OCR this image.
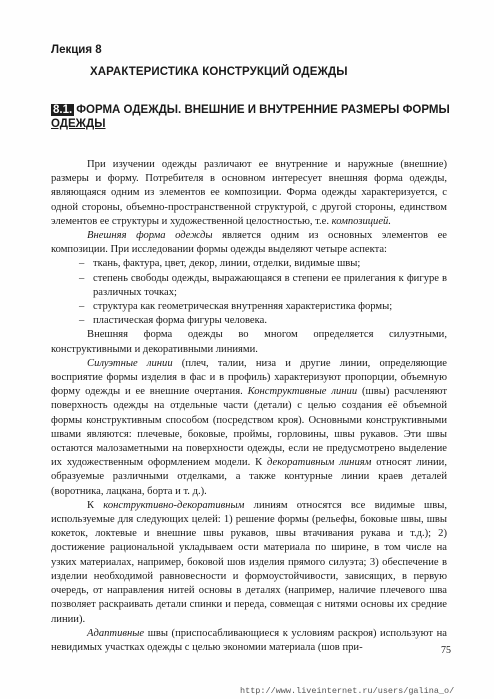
Лекция 8
ХАРАКТЕРИСТИКА КОНСТРУКЦИЙ ОДЕЖДЫ
8.1. ФОРМА ОДЕЖДЫ. ВНЕШНИЕ И ВНУТРЕННИЕ РАЗМЕРЫ ФОРМЫ ОДЕЖДЫ

При изучении одежды различают ее внутренние и наружные (внешние) размеры и форму. Потребителя в основном интересует внешняя форма одежды, являющаяся одним из элементов ее композиции. Форма одежды характеризуется, с одной стороны, объемно-пространственной структурой, с другой стороны, единством элементов ее структуры и художественной целостностью, т.е. композицией.

Внешняя форма одежды является одним из основных элементов ее композиции. При исследовании формы одежды выделяют четыре аспекта:

– ткань, фактура, цвет, декор, линии, отделки, видимые швы;
– степень свободы одежды, выражающаяся в степени ее прилегания к фигуре в различных точках;
– структура как геометрическая внутренняя характеристика формы;
– пластическая форма фигуры человека.

Внешняя форма одежды во многом определяется силуэтными, конструктивными и декоративными линиями.

Силуэтные линии (плеч, талии, низа и другие линии, определяющие восприятие формы изделия в фас и в профиль) характеризуют пропорции, объемную форму одежды и ее внешние очертания. Конструктивные линии (швы) расчленяют поверхность одежды на отдельные части (детали) с целью создания её объемной формы конструктивным способом (посредством кроя). Основными конструктивными швами являются: плечевые, боковые, проймы, горловины, швы рукавов. Эти швы остаются малозаметными на поверхности одежды, если не предусмотрено выделение их художественным оформлением модели. К декоративным линиям относят линии, образуемые различными отделками, а также контурные линии краев деталей (воротника, лацкана, борта и т. д.).

К конструктивно-декоративным линиям относятся все видимые швы, используемые для следующих целей: 1) решение формы (рельефы, боковые швы, швы кокеток, локтевые и внешние швы рукавов, швы втачивания рукава и т.д.); 2) достижение рациональной укладываем ости материала по ширине, в том числе на узких материалах, например, боковой шов изделия прямого силуэта; 3) обеспечение в изделии необходимой равновесности и формоустойчивости, зависящих, в первую очередь, от направления нитей основы в деталях (например, наличие плечевого шва позволяет раскраивать детали спинки и переда, совмещая с нитями основы их средние линии).

Адаптивные швы (приспосабливающиеся к условиям раскроя) используют на невидимых участках одежды с целью экономии материала (шов при-	75
http://www.liveinternet.ru/users/galina_o/
